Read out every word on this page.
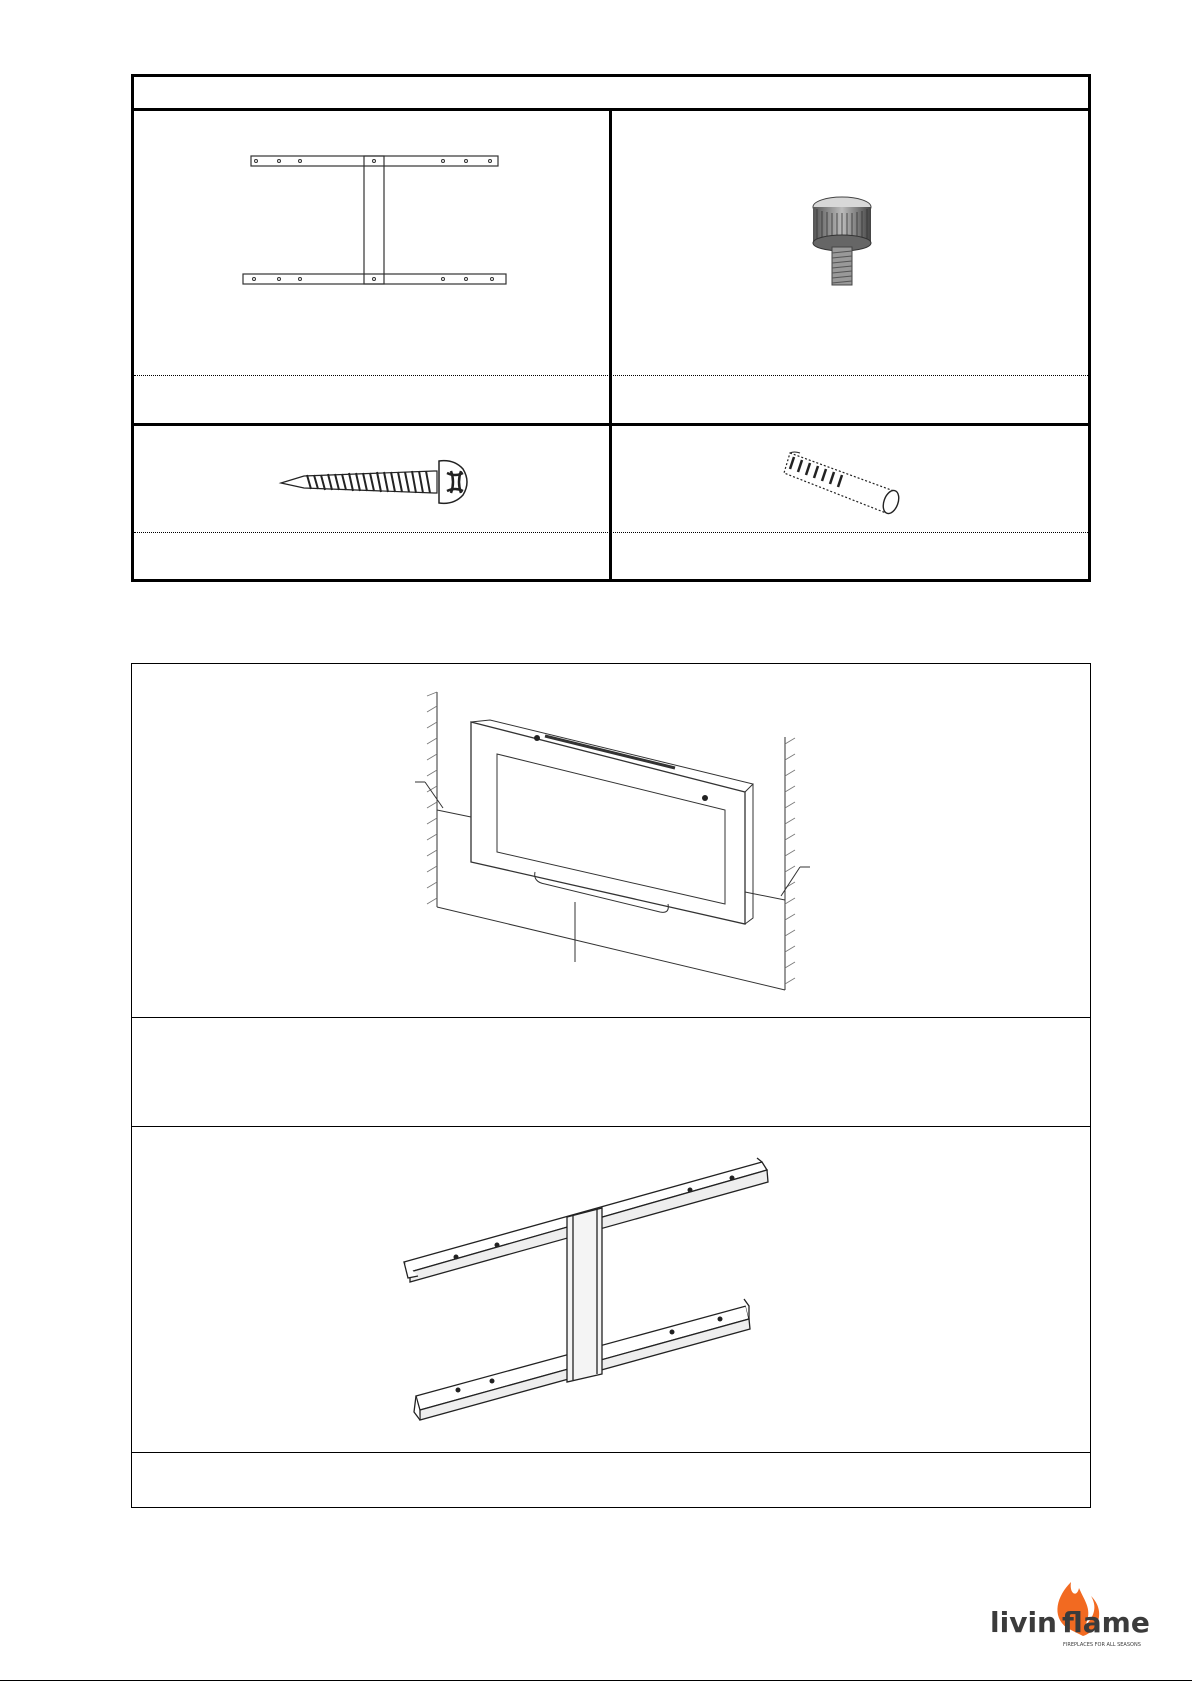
livin flame
FIREPLACES FOR ALL SEASONS
